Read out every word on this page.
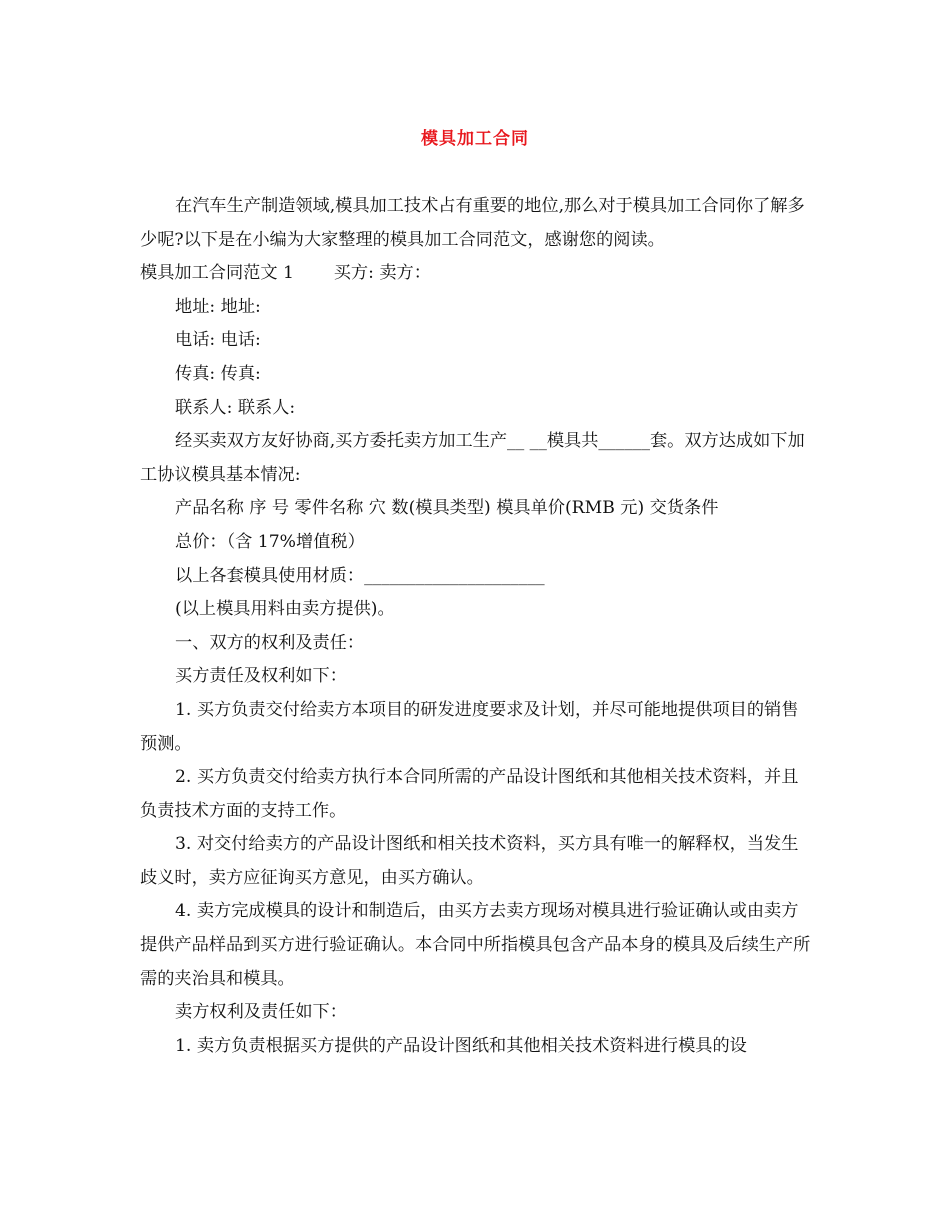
模具加工合同

在汽车生产制造领域,模具加工技术占有重要的地位,那么对于模具加工合同你了解多少呢?以下是在小编为大家整理的模具加工合同范文，感谢您的阅读。

模具加工合同范文 1　　 买方: 卖方：

地址: 地址:

电话: 电话:

传真: 传真:

联系人: 联系人:

经买卖双方友好协商,买方委托卖方加工生产__ __模具共______套。双方达成如下加工协议模具基本情况:

产品名称 序 号 零件名称 穴 数(模具类型) 模具单价(RMB 元) 交货条件

总价：（含 17%增值税）

以上各套模具使用材质：_____________________

(以上模具用料由卖方提供)。

一、双方的权利及责任：

买方责任及权利如下：

1. 买方负责交付给卖方本项目的研发进度要求及计划，并尽可能地提供项目的销售预测。

2. 买方负责交付给卖方执行本合同所需的产品设计图纸和其他相关技术资料，并且负责技术方面的支持工作。

3. 对交付给卖方的产品设计图纸和相关技术资料，买方具有唯一的解释权，当发生歧义时，卖方应征询买方意见，由买方确认。

4. 卖方完成模具的设计和制造后，由买方去卖方现场对模具进行验证确认或由卖方提供产品样品到买方进行验证确认。本合同中所指模具包含产品本身的模具及后续生产所需的夹治具和模具。

卖方权利及责任如下：

1. 卖方负责根据买方提供的产品设计图纸和其他相关技术资料进行模具的设
